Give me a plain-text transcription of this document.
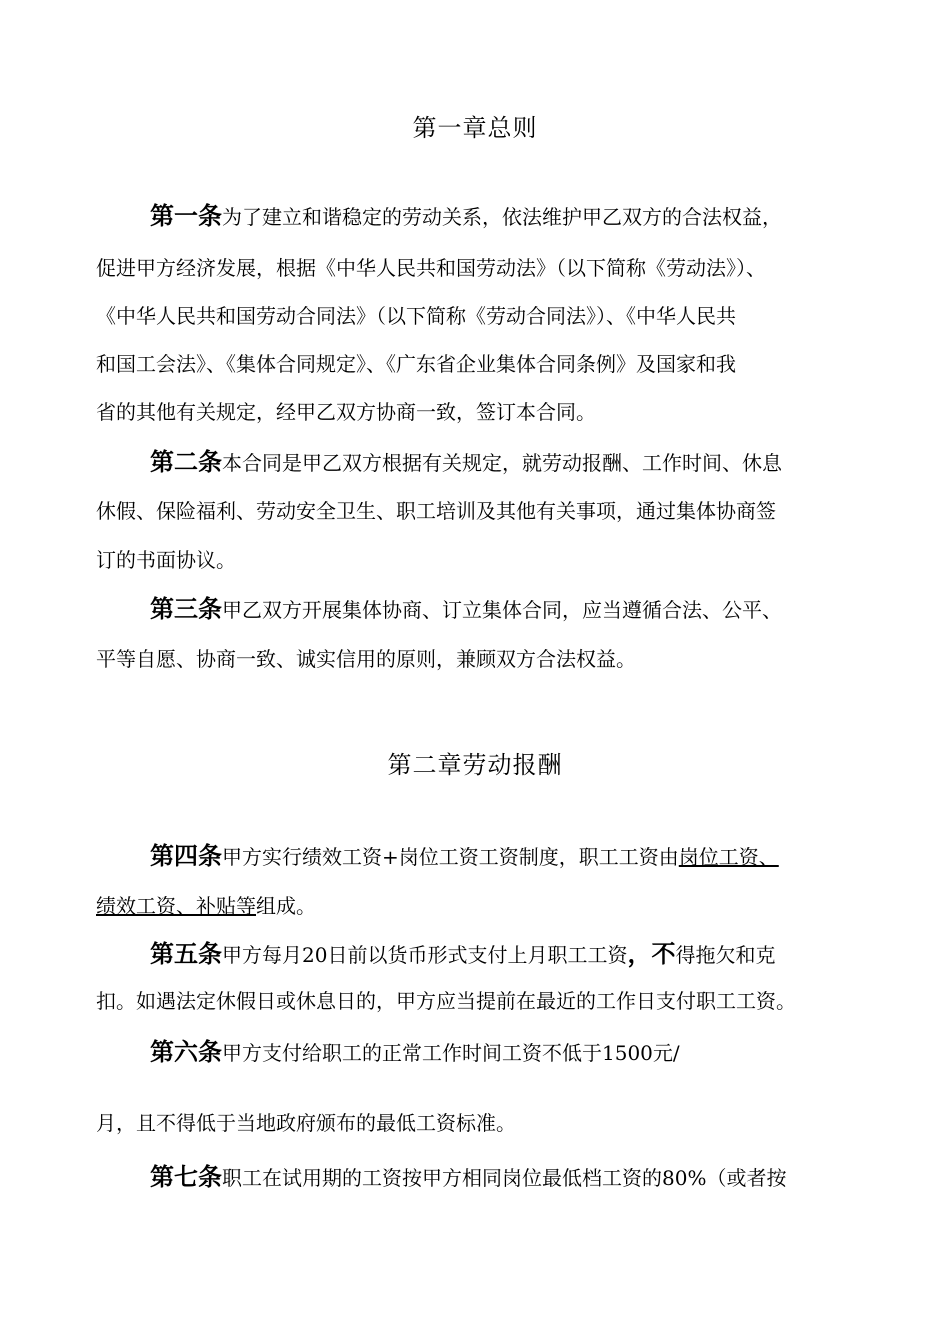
第一章总则
第一条为了建立和谐稳定的劳动关系，依法维护甲乙双方的合法权益，
促进甲方经济发展，根据《中华人民共和国劳动法》（以下简称《劳动法》）、
《中华人民共和国劳动合同法》（以下简称《劳动合同法》）、《中华人民共
和国工会法》、《集体合同规定》、《广东省企业集体合同条例》及国家和我
省的其他有关规定，经甲乙双方协商一致，签订本合同。
第二条本合同是甲乙双方根据有关规定，就劳动报酬、工作时间、休息
休假、保险福利、劳动安全卫生、职工培训及其他有关事项，通过集体协商签
订的书面协议。
第三条甲乙双方开展集体协商、订立集体合同，应当遵循合法、公平、
平等自愿、协商一致、诚实信用的原则，兼顾双方合法权益。
第二章劳动报酬
第四条甲方实行绩效工资+岗位工资工资制度，职工工资由岗位工资、
绩效工资、补贴等组成。
第五条甲方每月20日前以货币形式支付上月职工工资，不得拖欠和克
扣。如遇法定休假日或休息日的，甲方应当提前在最近的工作日支付职工工资。
第六条甲方支付给职工的正常工作时间工资不低于1500元/
月，且不得低于当地政府颁布的最低工资标准。
第七条职工在试用期的工资按甲方相同岗位最低档工资的80%（或者按
